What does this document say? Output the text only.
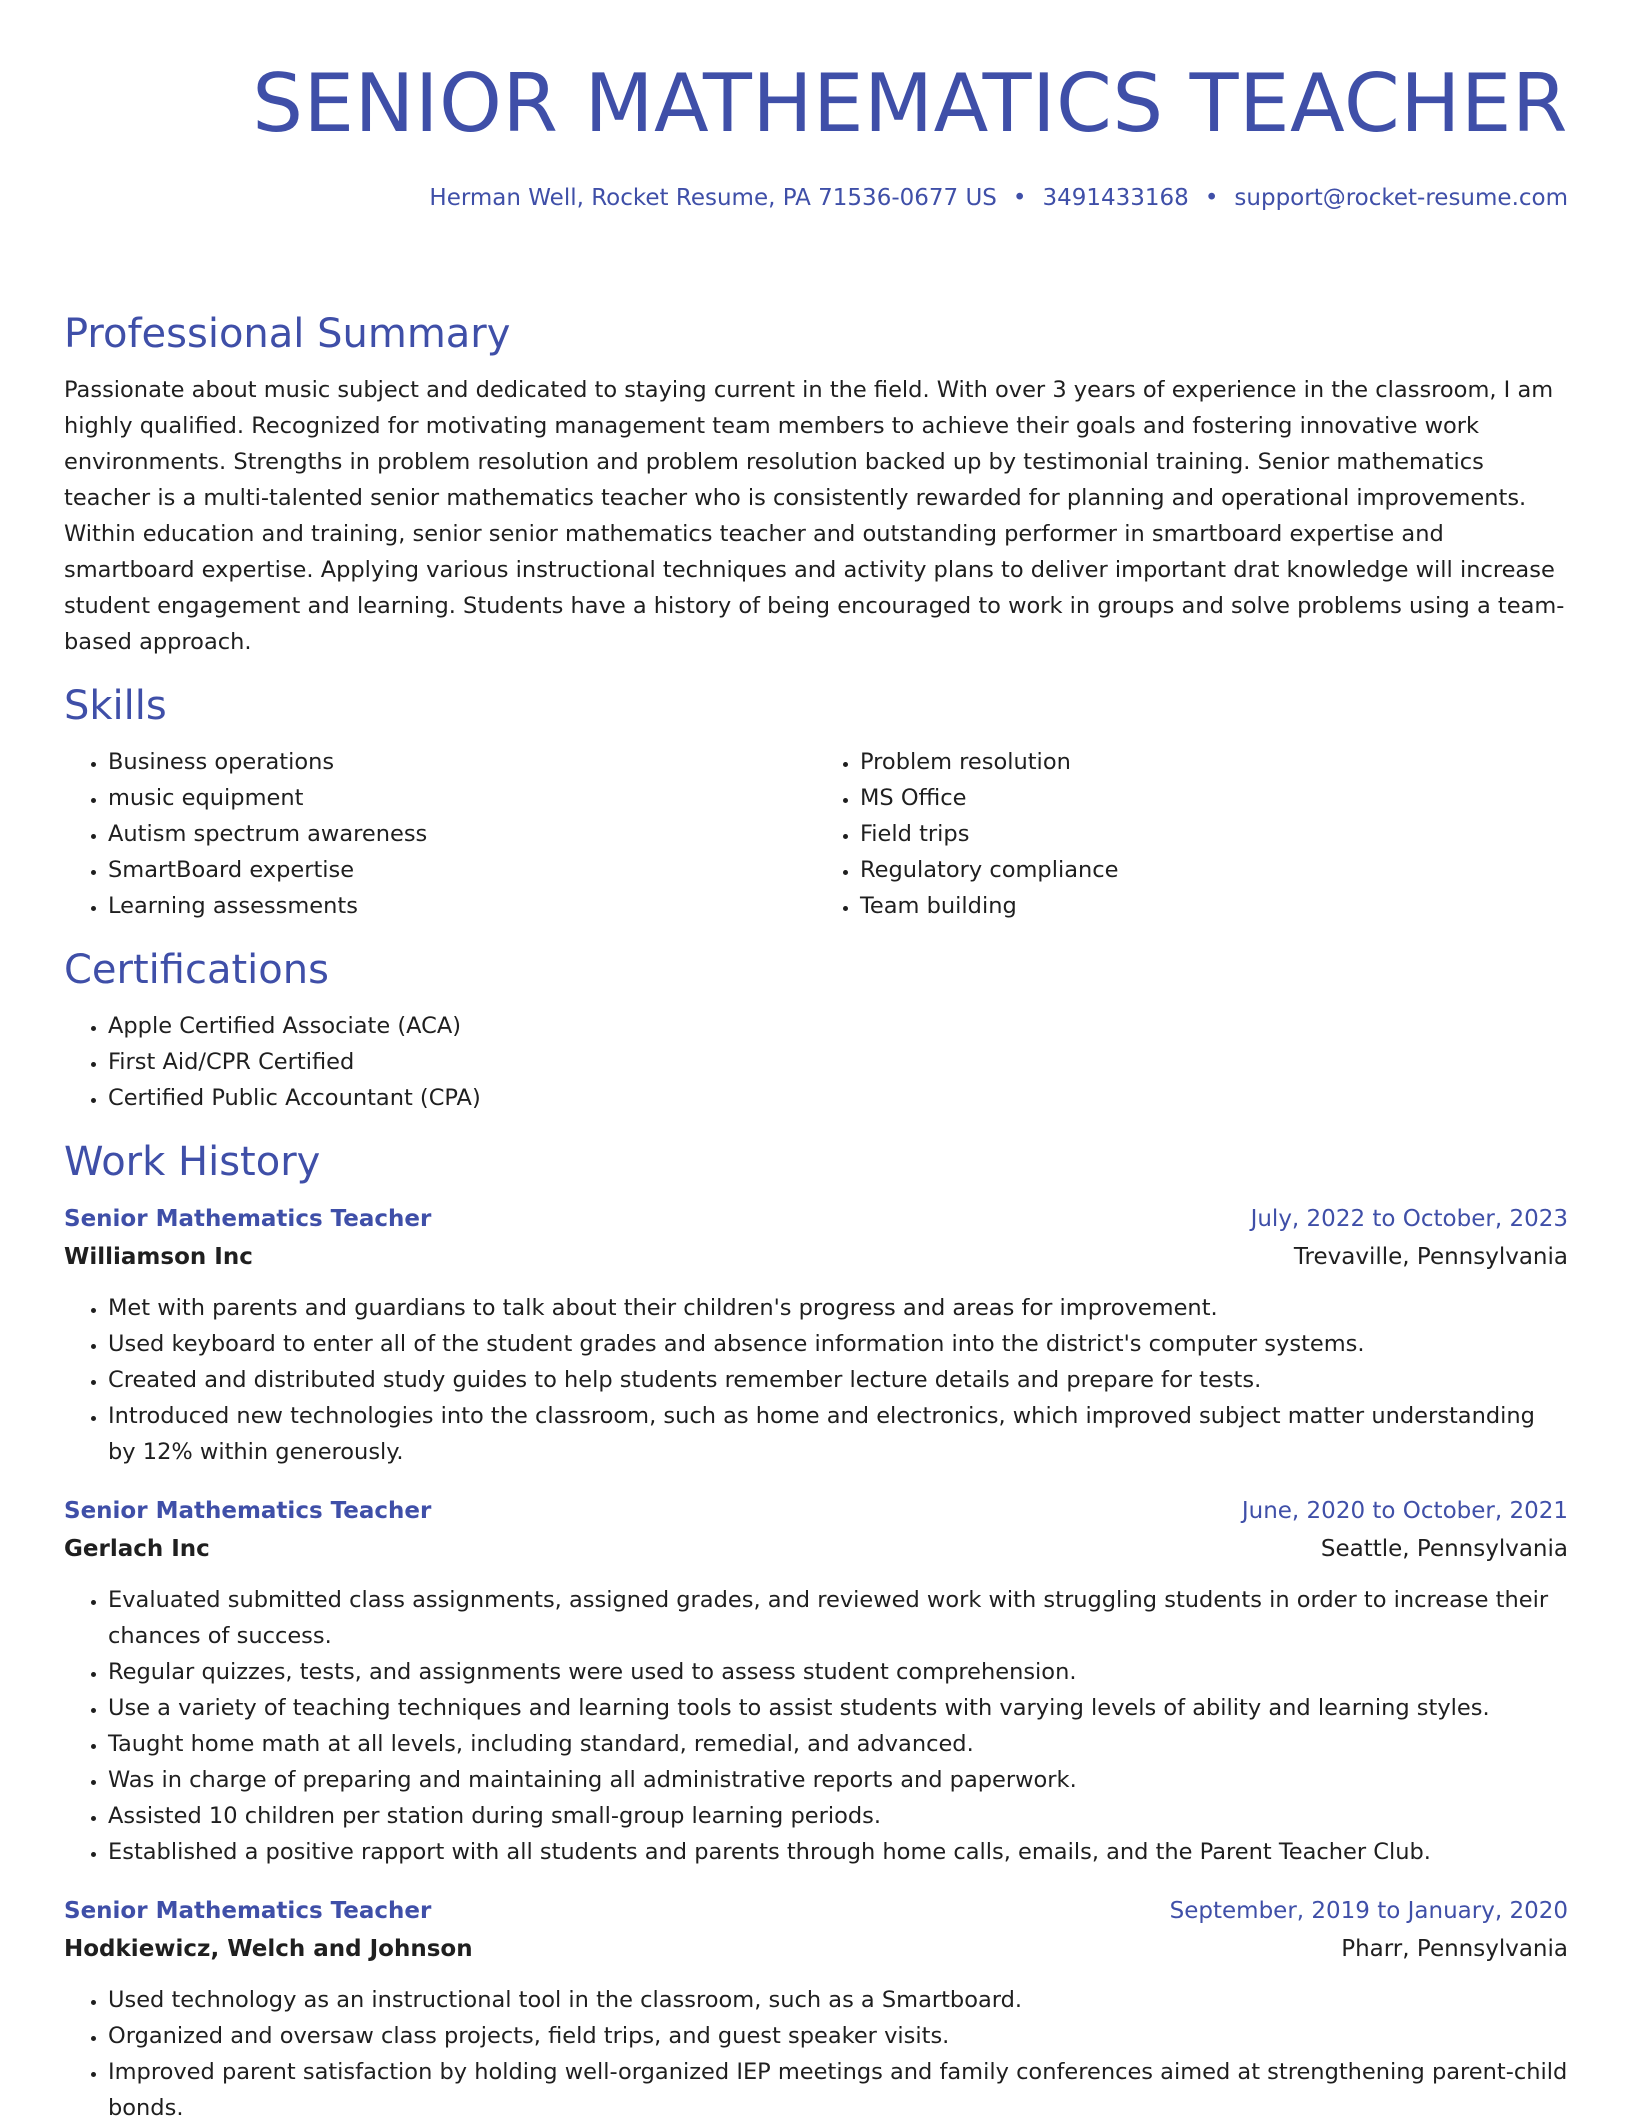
SENIOR MATHEMATICS TEACHER
Herman Well, Rocket Resume, PA 71536-0677 US • 3491433168 • support@rocket-resume.com
Professional Summary

Passionate about music subject and dedicated to staying current in the field. With over 3 years of experience in the classroom, I am highly qualified. Recognized for motivating management team members to achieve their goals and fostering innovative work environments. Strengths in problem resolution and problem resolution backed up by testimonial training. Senior mathematics teacher is a multi-talented senior mathematics teacher who is consistently rewarded for planning and operational improvements. Within education and training, senior senior mathematics teacher and outstanding performer in smartboard expertise and smartboard expertise. Applying various instructional techniques and activity plans to deliver important drat knowledge will increase student engagement and learning. Students have a history of being encouraged to work in groups and solve problems using a team-based approach.

Skills
• Business operations
• music equipment
• Autism spectrum awareness
• SmartBoard expertise
• Learning assessments
• Problem resolution
• MS Office
• Field trips
• Regulatory compliance
• Team building
Certifications
• Apple Certified Associate (ACA)
• First Aid/CPR Certified
• Certified Public Accountant (CPA)
Work History
Senior Mathematics Teacher	July, 2022 to October, 2023
Williamson Inc	Trevaville, Pennsylvania
• Met with parents and guardians to talk about their children's progress and areas for improvement.
• Used keyboard to enter all of the student grades and absence information into the district's computer systems.
• Created and distributed study guides to help students remember lecture details and prepare for tests.
• Introduced new technologies into the classroom, such as home and electronics, which improved subject matter understanding by 12% within generously.
Senior Mathematics Teacher	June, 2020 to October, 2021
Gerlach Inc	Seattle, Pennsylvania
• Evaluated submitted class assignments, assigned grades, and reviewed work with struggling students in order to increase their chances of success.
• Regular quizzes, tests, and assignments were used to assess student comprehension.
• Use a variety of teaching techniques and learning tools to assist students with varying levels of ability and learning styles.
• Taught home math at all levels, including standard, remedial, and advanced.
• Was in charge of preparing and maintaining all administrative reports and paperwork.
• Assisted 10 children per station during small-group learning periods.
• Established a positive rapport with all students and parents through home calls, emails, and the Parent Teacher Club.
Senior Mathematics Teacher	September, 2019 to January, 2020
Hodkiewicz, Welch and Johnson	Pharr, Pennsylvania
• Used technology as an instructional tool in the classroom, such as a Smartboard.
• Organized and oversaw class projects, field trips, and guest speaker visits.
• Improved parent satisfaction by holding well-organized IEP meetings and family conferences aimed at strengthening parent-child bonds.
